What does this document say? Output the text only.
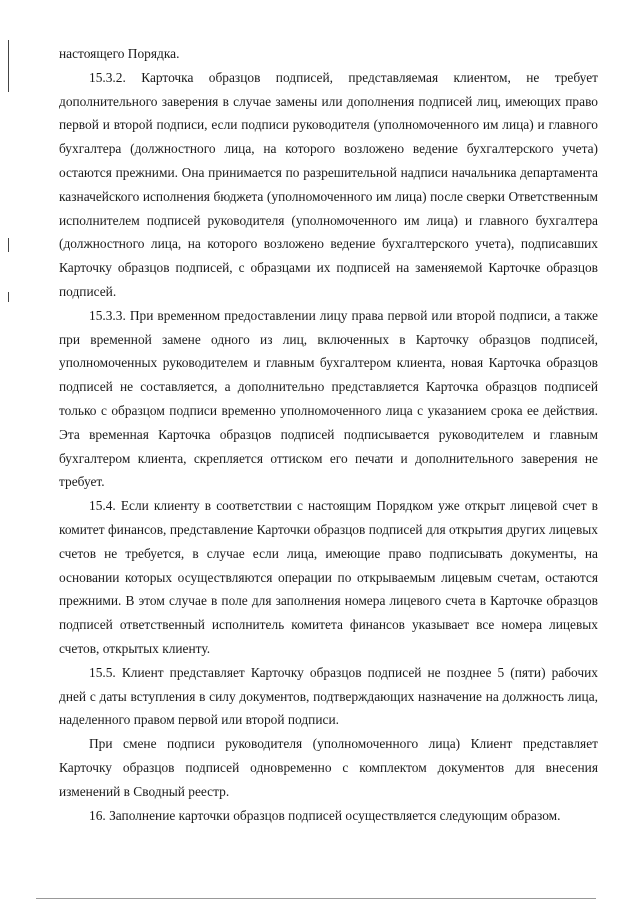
настоящего Порядка.

15.3.2. Карточка образцов подписей, представляемая клиентом, не требует дополнительного заверения в случае замены или дополнения подписей лиц, имеющих право первой и второй подписи, если подписи руководителя (уполномоченного им лица) и главного бухгалтера (должностного лица, на которого возложено ведение бухгалтерского учета) остаются прежними. Она принимается по разрешительной надписи начальника департамента казначейского исполнения бюджета (уполномоченного им лица) после сверки Ответственным исполнителем подписей руководителя (уполномоченного им лица) и главного бухгалтера (должностного лица, на которого возложено ведение бухгалтерского учета), подписавших Карточку образцов подписей, с образцами их подписей на заменяемой Карточке образцов подписей.

15.3.3. При временном предоставлении лицу права первой или второй подписи, а также при временной замене одного из лиц, включенных в Карточку образцов подписей, уполномоченных руководителем и главным бухгалтером клиента, новая Карточка образцов подписей не составляется, а дополнительно представляется Карточка образцов подписей только с образцом подписи временно уполномоченного лица с указанием срока ее действия. Эта временная Карточка образцов подписей подписывается руководителем и главным бухгалтером клиента, скрепляется оттиском его печати и дополнительного заверения не требует.

15.4. Если клиенту в соответствии с настоящим Порядком уже открыт лицевой счет в комитет финансов, представление Карточки образцов подписей для открытия других лицевых счетов не требуется, в случае если лица, имеющие право подписывать документы, на основании которых осуществляются операции по открываемым лицевым счетам, остаются прежними. В этом случае в поле для заполнения номера лицевого счета в Карточке образцов подписей ответственный исполнитель комитета финансов указывает все номера лицевых счетов, открытых клиенту.

15.5. Клиент представляет Карточку образцов подписей не позднее 5 (пяти) рабочих дней с даты вступления в силу документов, подтверждающих назначение на должность лица, наделенного правом первой или второй подписи.

При смене подписи руководителя (уполномоченного лица) Клиент представляет Карточку образцов подписей одновременно с комплектом документов для внесения изменений в Сводный реестр.

16. Заполнение карточки образцов подписей осуществляется следующим образом.
